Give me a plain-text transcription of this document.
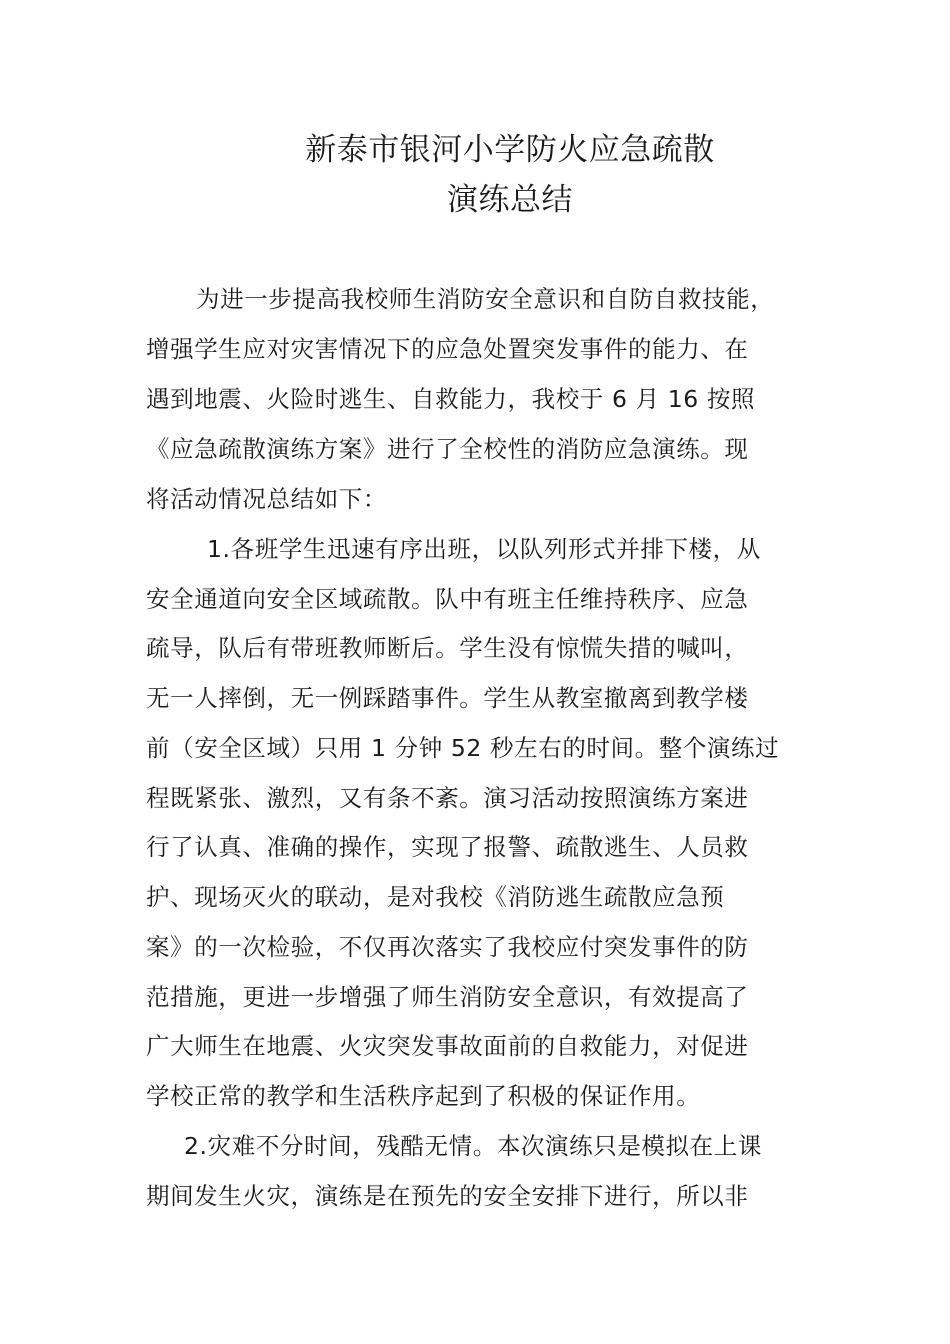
新泰市银河小学防火应急疏散
演练总结
为进一步提高我校师生消防安全意识和自防自救技能，
增强学生应对灾害情况下的应急处置突发事件的能力、在
遇到地震、火险时逃生、自救能力，我校于 6 月 16 按照
《应急疏散演练方案》进行了全校性的消防应急演练。现
将活动情况总结如下：
1.各班学生迅速有序出班，以队列形式并排下楼，从
安全通道向安全区域疏散。队中有班主任维持秩序、应急
疏导，队后有带班教师断后。学生没有惊慌失措的喊叫，
无一人摔倒，无一例踩踏事件。学生从教室撤离到教学楼
前（安全区域）只用 1 分钟 52 秒左右的时间。整个演练过
程既紧张、激烈，又有条不紊。演习活动按照演练方案进
行了认真、准确的操作，实现了报警、疏散逃生、人员救
护、现场灭火的联动，是对我校《消防逃生疏散应急预
案》的一次检验，不仅再次落实了我校应付突发事件的防
范措施，更进一步增强了师生消防安全意识，有效提高了
广大师生在地震、火灾突发事故面前的自救能力，对促进
学校正常的教学和生活秩序起到了积极的保证作用。
2.灾难不分时间，残酷无情。本次演练只是模拟在上课
期间发生火灾，演练是在预先的安全安排下进行，所以非
